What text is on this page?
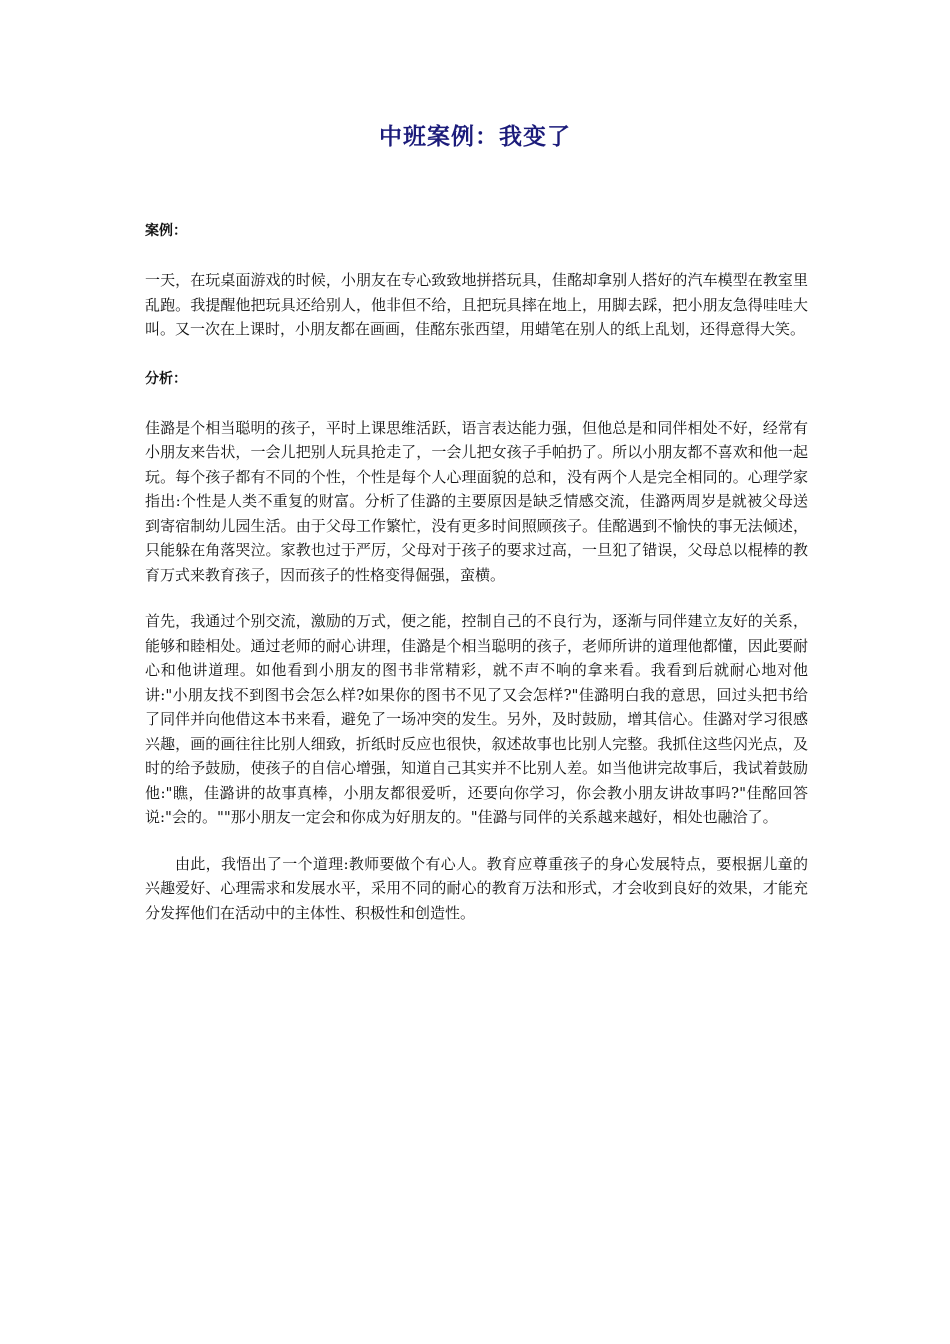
中班案例：我变了

案例：

一天，在玩桌面游戏的时候，小朋友在专心致致地拼搭玩具，佳酩却拿别人搭好的汽车模型在教室里乱跑。我提醒他把玩具还给别人，他非但不给，且把玩具摔在地上，用脚去踩，把小朋友急得哇哇大叫。又一次在上课时，小朋友都在画画，佳酩东张西望，用蜡笔在别人的纸上乱划，还得意得大笑。

分析：

佳潞是个相当聪明的孩子，平时上课思维活跃，语言表达能力强，但他总是和同伴相处不好，经常有小朋友来告状，一会儿把别人玩具抢走了，一会儿把女孩子手帕扔了。所以小朋友都不喜欢和他一起玩。每个孩子都有不同的个性，个性是每个人心理面貌的总和，没有两个人是完全相同的。心理学家指出:个性是人类不重复的财富。分析了佳潞的主要原因是缺乏情感交流，佳潞两周岁是就被父母送到寄宿制幼儿园生活。由于父母工作繁忙，没有更多时间照顾孩子。佳酩遇到不愉快的事无法倾述，只能躲在角落哭泣。家教也过于严厉，父母对于孩子的要求过高，一旦犯了错误，父母总以棍棒的教育万式来教育孩子，因而孩子的性格变得倔强，蛮横。

首先，我通过个别交流，激励的万式，便之能，控制自己的不良行为，逐渐与同伴建立友好的关系，能够和睦相处。通过老师的耐心讲理，佳潞是个相当聪明的孩子，老师所讲的道理他都懂，因此要耐心和他讲道理。如他看到小朋友的图书非常精彩，就不声不响的拿来看。我看到后就耐心地对他讲:"小朋友找不到图书会怎么样?如果你的图书不见了又会怎样?"佳潞明白我的意思，回过头把书给了同伴并向他借这本书来看，避免了一场冲突的发生。另外，及时鼓励，增其信心。佳潞对学习很感兴趣，画的画往往比别人细致，折纸时反应也很快，叙述故事也比别人完整。我抓住这些闪光点，及时的给予鼓励，使孩子的自信心增强，知道自己其实并不比别人差。如当他讲完故事后，我试着鼓励他:"瞧，佳潞讲的故事真棒，小朋友都很爱听，还要向你学习，你会教小朋友讲故事吗?"佳酩回答说:"会的。""那小朋友一定会和你成为好朋友的。"佳潞与同伴的关系越来越好，相处也融洽了。

由此，我悟出了一个道理:教师要做个有心人。教育应尊重孩子的身心发展特点，要根据儿童的兴趣爱好、心理需求和发展水平，采用不同的耐心的教育万法和形式，才会收到良好的效果，才能充分发挥他们在活动中的主体性、积极性和创造性。
